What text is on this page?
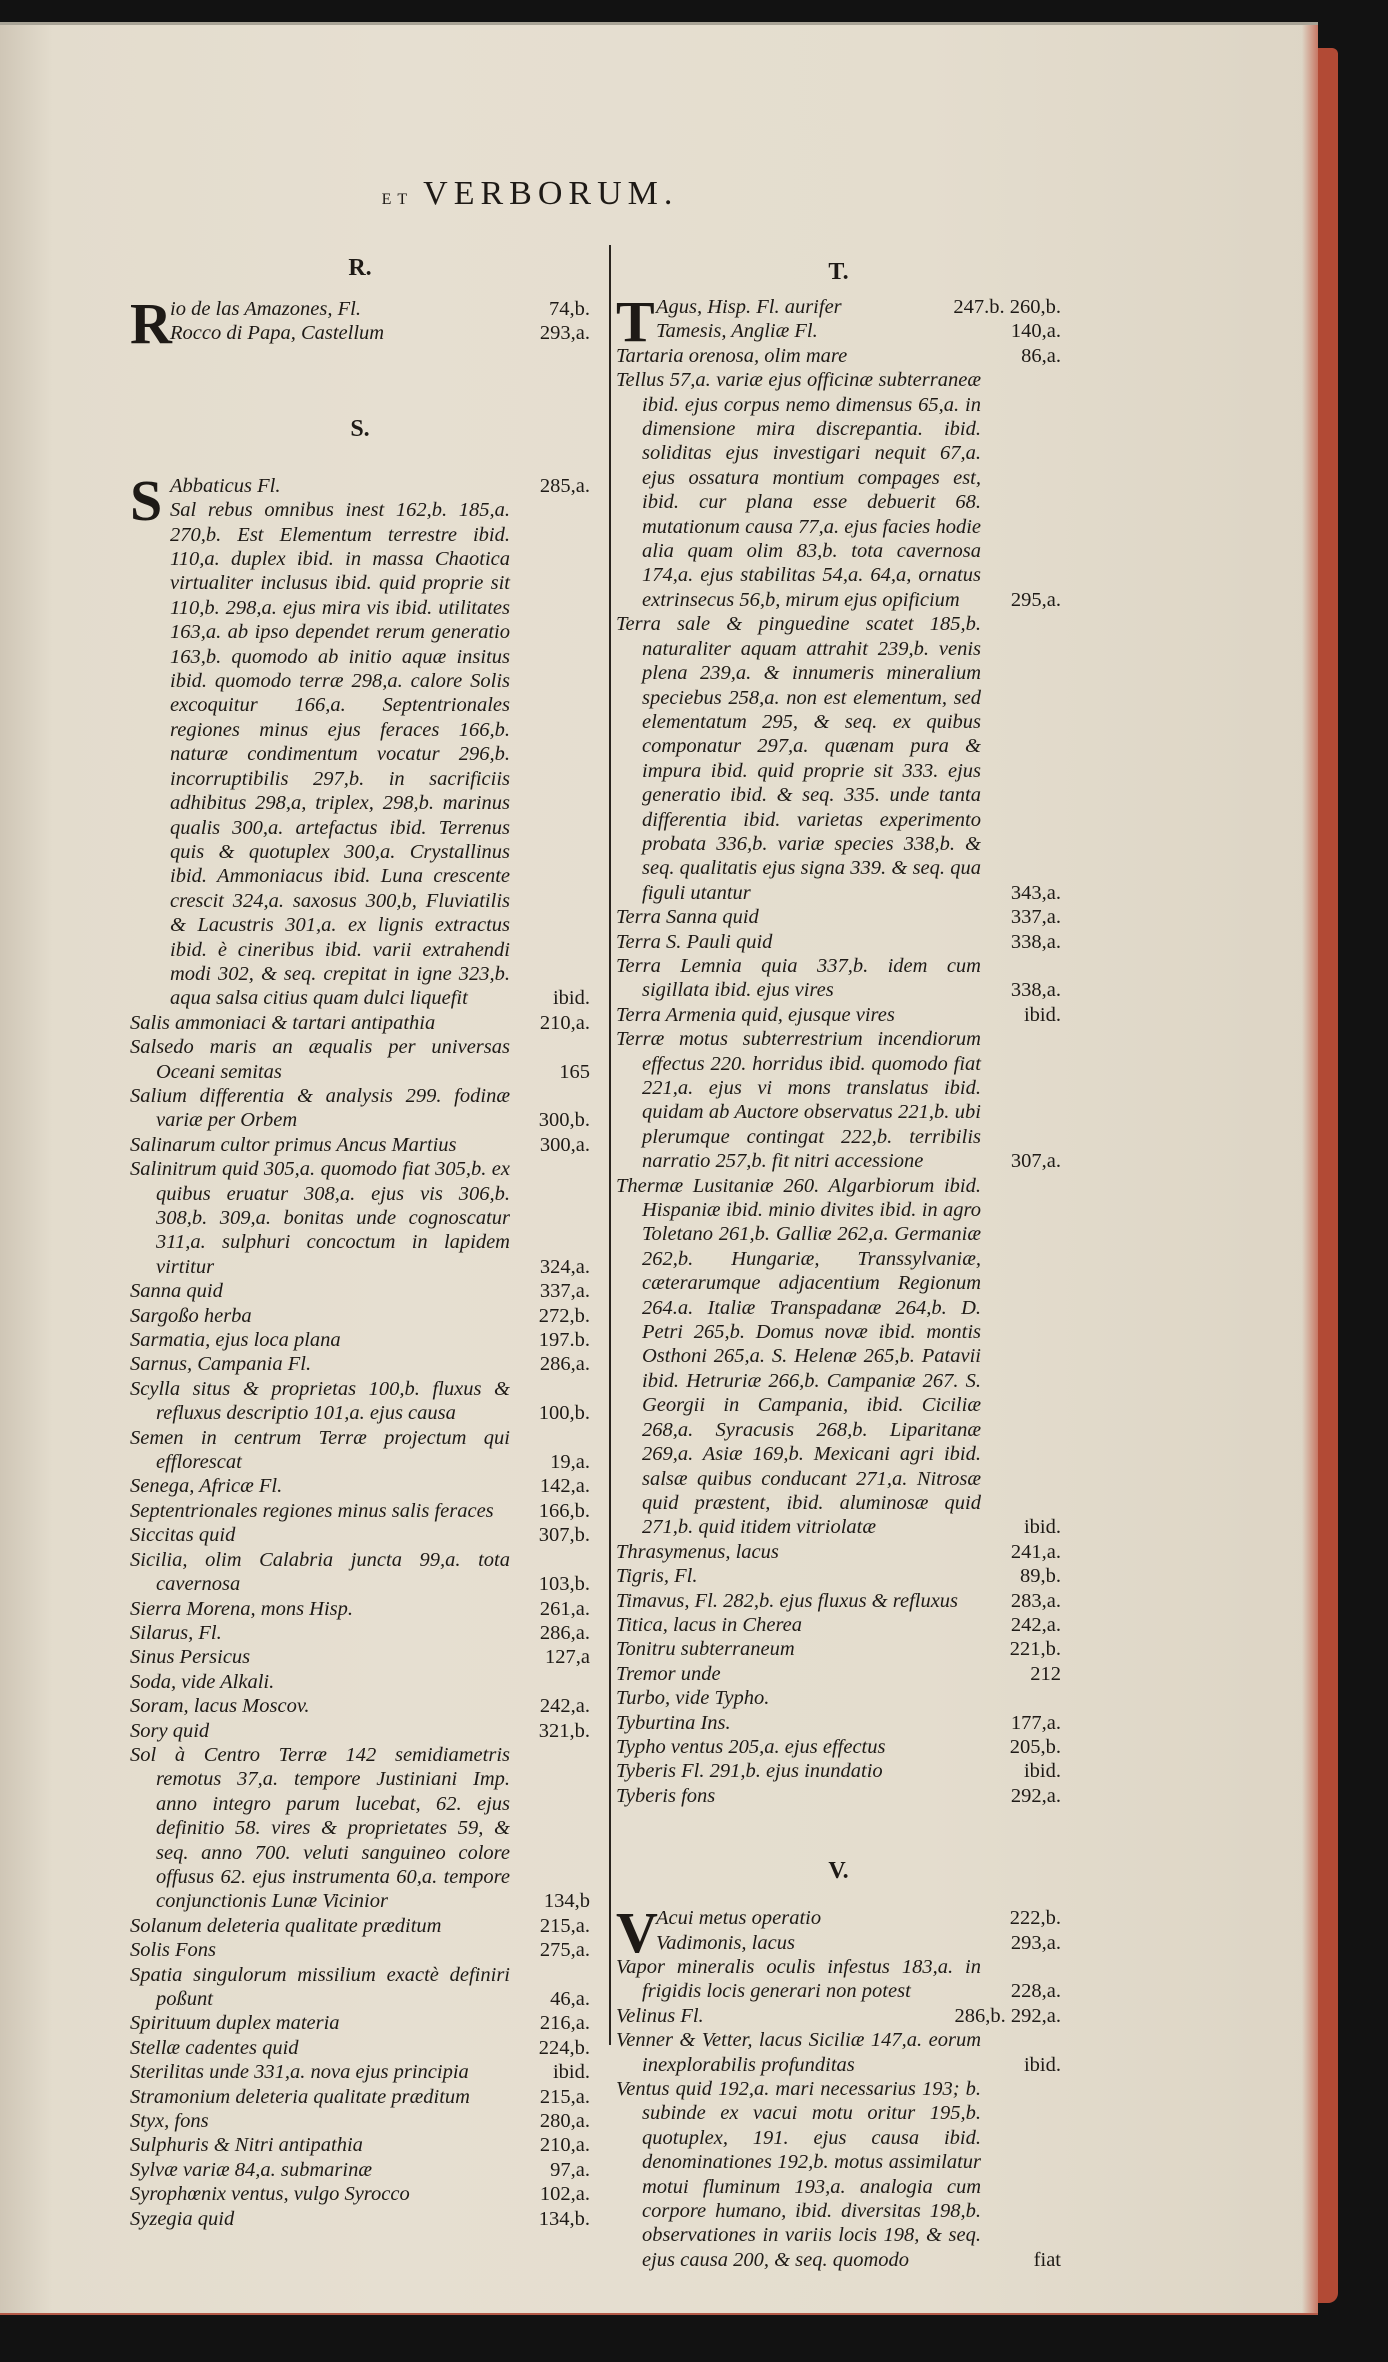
ET VERBORUM.
R.
R
io de las Amazones, Fl.	74,b.
Rocco di Papa, Castellum	293,a.
S.
S Abbaticus Fl.	285,a.
Sal rebus omnibus inest 162,b. 185,a. 270,b. Est Elementum terrestre ibid. 110,a. duplex ibid. in massa Chaotica virtualiter inclusus ibid. quid proprie sit 110,b. 298,a. ejus mira vis ibid. utilitates 163,a. ab ipso dependet rerum generatio 163,b. quomodo ab initio aquæ insitus ibid. quomodo terræ 298,a. calore Solis excoquitur 166,a. Septentrionales regiones minus ejus feraces 166,b. naturæ condimentum vocatur 296,b. incorruptibilis 297,b. in sacrificiis adhibitus 298,a, triplex, 298,b. marinus qualis 300,a. artefactus ibid. Terrenus quis & quotuplex 300,a. Crystallinus ibid. Ammoniacus ibid. Luna crescente crescit 324,a. saxosus 300,b, Fluviatilis & Lacustris 301,a. ex lignis extractus ibid. è cineribus ibid. varii extrahendi modi 302, & seq. crepitat in igne 323,b. aqua salsa citius quam dulci liquefit	ibid.
Salis ammoniaci & tartari antipathia	210,a.
Salsedo maris an æqualis per universas Oceani semitas	165
Salium differentia & analysis 299. fodinæ variæ per Orbem	300,b.
Salinarum cultor primus Ancus Martius	300,a.
Salinitrum quid 305,a. quomodo fiat 305,b. ex quibus eruatur 308,a. ejus vis 306,b. 308,b. 309,a. bonitas unde cognoscatur 311,a. sulphuri concoctum in lapidem virtitur	324,a.
Sanna quid	337,a.
Sargoßo herba	272,b.
Sarmatia, ejus loca plana	197.b.
Sarnus, Campania Fl.	286,a.
Scylla situs & proprietas 100,b. fluxus & refluxus descriptio 101,a. ejus causa	100,b.
Semen in centrum Terræ projectum qui efflorescat	19,a.
Senega, Africæ Fl.	142,a.
Septentrionales regiones minus salis feraces	166,b.
Siccitas quid	307,b.
Sicilia, olim Calabria juncta 99,a. tota cavernosa	103,b.
Sierra Morena, mons Hisp.	261,a.
Silarus, Fl.	286,a.
Sinus Persicus	127,a
Soda, vide Alkali.
Soram, lacus Moscov.	242,a.
Sory quid	321,b.
Sol à Centro Terræ 142 semidiametris remotus 37,a. tempore Justiniani Imp. anno integro parum lucebat, 62. ejus definitio 58. vires & proprietates 59, & seq. anno 700. veluti sanguineo colore offusus 62. ejus instrumenta 60,a. tempore conjunctionis Lunæ Vicinior	134,b
Solanum deleteria qualitate præditum	215,a.
Solis Fons	275,a.
Spatia singulorum missilium exactè definiri poßunt	46,a.
Spirituum duplex materia	216,a.
Stellæ cadentes quid	224,b.
Sterilitas unde 331,a. nova ejus principia	ibid.
Stramonium deleteria qualitate præditum	215,a.
Styx, fons	280,a.
Sulphuris & Nitri antipathia	210,a.
Sylvæ variæ 84,a. submarinæ	97,a.
Syrophœnix ventus, vulgo Syrocco	102,a.
Syzegia quid	134,b.
T.
T Agus, Hisp. Fl. aurifer	247.b. 260,b.
Tamesis, Angliæ Fl.	140,a.
Tartaria orenosa, olim mare	86,a.
Tellus 57,a. variæ ejus officinæ subterraneæ ibid. ejus corpus nemo dimensus 65,a. in dimensione mira discrepantia. ibid. soliditas ejus investigari nequit 67,a. ejus ossatura montium compages est, ibid. cur plana esse debuerit 68. mutationum causa 77,a. ejus facies hodie alia quam olim 83,b. tota cavernosa 174,a. ejus stabilitas 54,a. 64,a, ornatus extrinsecus 56,b, mirum ejus opificium	295,a.
Terra sale & pinguedine scatet 185,b. naturaliter aquam attrahit 239,b. venis plena 239,a. & innumeris mineralium speciebus 258,a. non est elementum, sed elementatum 295, & seq. ex quibus componatur 297,a. quænam pura & impura ibid. quid proprie sit 333. ejus generatio ibid. & seq. 335. unde tanta differentia ibid. varietas experimento probata 336,b. variæ species 338,b. & seq. qualitatis ejus signa 339. & seq. qua figuli utantur	343,a.
Terra Sanna quid	337,a.
Terra S. Pauli quid	338,a.
Terra Lemnia quia 337,b. idem cum sigillata ibid. ejus vires	338,a.
Terra Armenia quid, ejusque vires	ibid.
Terræ motus subterrestrium incendiorum effectus 220. horridus ibid. quomodo fiat 221,a. ejus vi mons translatus ibid. quidam ab Auctore observatus 221,b. ubi plerumque contingat 222,b. terribilis narratio 257,b. fit nitri accessione	307,a.
Thermæ Lusitaniæ 260. Algarbiorum ibid. Hispaniæ ibid. minio divites ibid. in agro Toletano 261,b. Galliæ 262,a. Germaniæ 262,b. Hungariæ, Transsylvaniæ, cæterarumque adjacentium Regionum 264.a. Italiæ Transpadanæ 264,b. D. Petri 265,b. Domus novæ ibid. montis Osthoni 265,a. S. Helenæ 265,b. Patavii ibid. Hetruriæ 266,b. Campaniæ 267. S. Georgii in Campania, ibid. Ciciliæ 268,a. Syracusis 268,b. Liparitanæ 269,a. Asiæ 169,b. Mexicani agri ibid. salsæ quibus conducant 271,a. Nitrosæ quid præstent, ibid. aluminosæ quid 271,b. quid itidem vitriolatæ	ibid.
Thrasymenus, lacus	241,a.
Tigris, Fl.	89,b.
Timavus, Fl. 282,b. ejus fluxus & refluxus	283,a.
Titica, lacus in Cherea	242,a.
Tonitru subterraneum	221,b.
Tremor unde	212
Turbo, vide Typho.
Tyburtina Ins.	177,a.
Typho ventus 205,a. ejus effectus	205,b.
Tyberis Fl. 291,b. ejus inundatio	ibid.
Tyberis fons	292,a.
V.
V
Acui metus operatio	222,b.
Vadimonis, lacus	293,a.
Vapor mineralis oculis infestus 183,a. in frigidis locis generari non potest	228,a.
Velinus Fl.	286,b. 292,a.
Venner & Vetter, lacus Siciliæ 147,a. eorum inexplorabilis profunditas	ibid.
Ventus quid 192,a. mari necessarius 193; b. subinde ex vacui motu oritur 195,b. quotuplex, 191. ejus causa ibid. denominationes 192,b. motus assimilatur motui fluminum 193,a. analogia cum corpore humano, ibid. diversitas 198,b. observationes in variis locis 198, & seq. ejus causa 200, & seq. quomodo	fiat
